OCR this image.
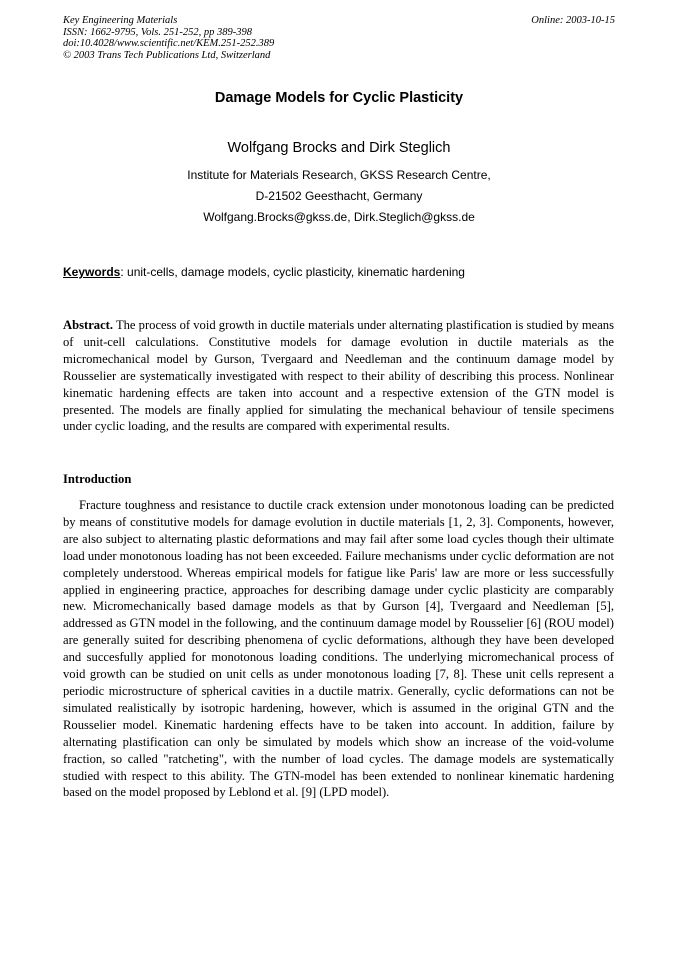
Key Engineering Materials
ISSN: 1662-9795, Vols. 251-252, pp 389-398
doi:10.4028/www.scientific.net/KEM.251-252.389
© 2003 Trans Tech Publications Ltd, Switzerland

Online: 2003-10-15
Damage Models for Cyclic Plasticity
Wolfgang Brocks and Dirk Steglich
Institute for Materials Research, GKSS Research Centre,
D-21502 Geesthacht, Germany
Wolfgang.Brocks@gkss.de, Dirk.Steglich@gkss.de
Keywords: unit-cells, damage models, cyclic plasticity, kinematic hardening
Abstract. The process of void growth in ductile materials under alternating plastification is studied by means of unit-cell calculations. Constitutive models for damage evolution in ductile materials as the micromechanical model by Gurson, Tvergaard and Needleman and the continuum damage model by Rousselier are systematically investigated with respect to their ability of describing this process. Nonlinear kinematic hardening effects are taken into account and a respective extension of the GTN model is presented. The models are finally applied for simulating the mechanical behaviour of tensile specimens under cyclic loading, and the results are compared with experimental results.
Introduction
Fracture toughness and resistance to ductile crack extension under monotonous loading can be predicted by means of constitutive models for damage evolution in ductile materials [1, 2, 3]. Components, however, are also subject to alternating plastic deformations and may fail after some load cycles though their ultimate load under monotonous loading has not been exceeded. Failure mechanisms under cyclic deformation are not completely understood. Whereas empirical models for fatigue like Paris' law are more or less successfully applied in engineering practice, approaches for describing damage under cyclic plasticity are comparably new. Micromechanically based damage models as that by Gurson [4], Tvergaard and Needleman [5], addressed as GTN model in the following, and the continuum damage model by Rousselier [6] (ROU model) are generally suited for describing phenomena of cyclic deformations, although they have been developed and succesfully applied for monotonous loading conditions. The underlying micromechanical process of void growth can be studied on unit cells as under monotonous loading [7, 8]. These unit cells represent a periodic microstructure of spherical cavities in a ductile matrix. Generally, cyclic deformations can not be simulated realistically by isotropic hardening, however, which is assumed in the original GTN and the Rousselier model. Kinematic hardening effects have to be taken into account. In addition, failure by alternating plastification can only be simulated by models which show an increase of the void-volume fraction, so called "ratcheting", with the number of load cycles. The damage models are systematically studied with respect to this ability. The GTN-model has been extended to nonlinear kinematic hardening based on the model proposed by Leblond et al. [9] (LPD model).
